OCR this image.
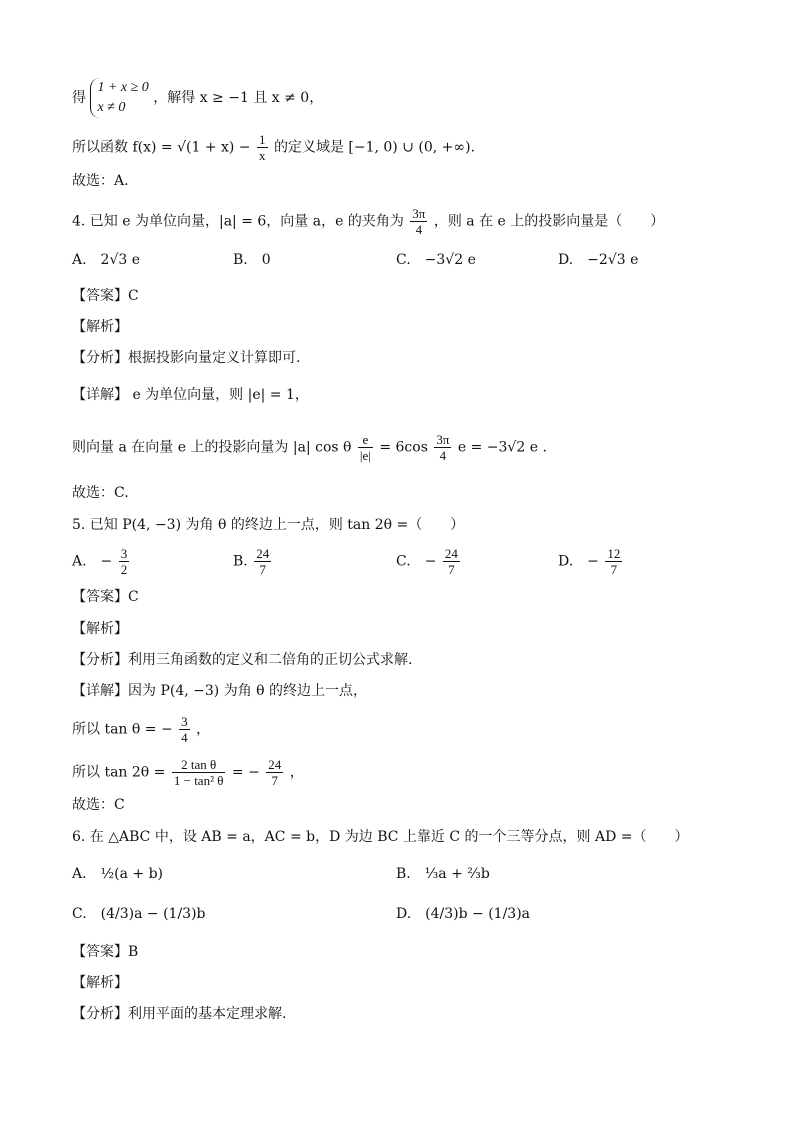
得
1 + x ≥ 0
x ≠ 0
，解得 x ≥ −1 且 x ≠ 0，
所以函数 $f(x) = √(1 + x) - \frac{1}{x}$ 的定义域是 [−1, 0) ∪ (0, +∞).
故选：A.
4. 已知 e 为单位向量，|a| = 6，向量 a，e 的夹角为 $\frac{3\pi}{4}$ ，则 a 在 e 上的投影向量是（　　）
A.　2√3 e	B.　0	C.　−3√2 e	D.　−2√3 e
【答案】C
【解析】
【分析】根据投影向量定义计算即可.
【详解】 e 为单位向量，则 |e| = 1，
则向量 a 在向量 e 上的投影向量为 |a| cos θ $\frac{e}{|e|} = 6\cos \frac{3\pi}{4}$ e = −3√2 e .
故选：C.
5. 已知 P(4, −3) 为角 θ 的终边上一点，则 tan 2θ =（　　）
A.　− $\frac{3}{2}$	B. $\frac{24}{7}$	C.　− $\frac{24}{7}$	D.　− $\frac{12}{7}$
【答案】C
【解析】
【分析】利用三角函数的定义和二倍角的正切公式求解.
【详解】因为 P(4, −3) 为角 θ 的终边上一点，
所以 tan θ = − $\frac{3}{4}$ ，
所以 $\tan 2\theta = \frac{\text{2 tan θ}}{\text{1 − tan² θ}}$ = − $\frac{24}{7}$ ，
故选：C
6. 在 △ABC 中，设 AB = a，AC = b，D 为边 BC 上靠近 C 的一个三等分点，则 AD =（　　）
A.　½(a + b)	B.　⅓a + ⅔b
C.　(4/3)a − (1/3)b	D.　(4/3)b − (1/3)a
【答案】B
【解析】
【分析】利用平面的基本定理求解.
